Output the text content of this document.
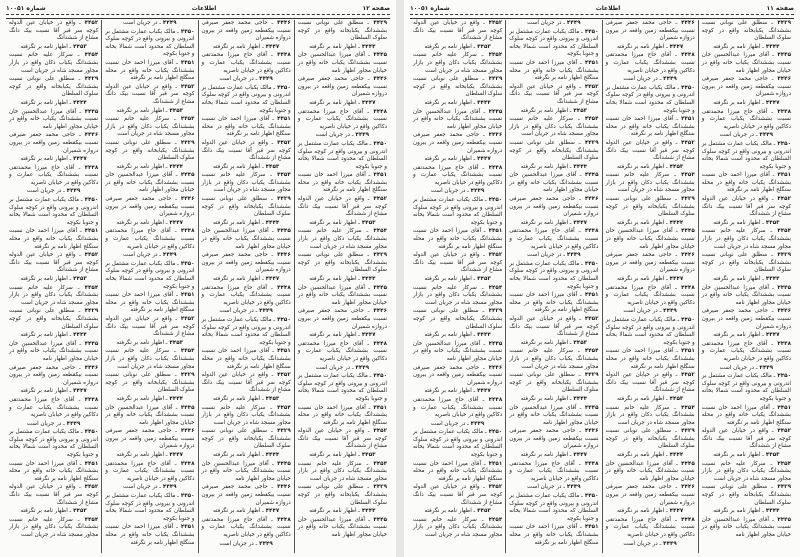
صفحه ۱۲
اطلاعات
شماره ۱۰۰۵۱

۴۴۲۹ ـ سطلق علی نوبانی نسبت بششدانگ یکبابخانه واقع در کوچه سلوک السلطان

۴۴۴۴ ـ اظهار نامه بر نگرفته

۴۴۴۵ ـ آقای میرزا عبدالحسین خان نسبت بششدانگ یکباب خانه واقع در خیابان مجاور اظهار نامه

۴۴۴۶ ـ حاجی محمد جعفر صیرفی نسبت بیکقطعه زمین واقعه در بیرون دروازه شمیران

۴۴۴۷ ـ اظهار نامه بر نگرفته

۴۴۴۸ ـ آقای حاج میرزا محمدتقی نسبت بششدانگ یکباب عمارت و دکاکین واقع در خیابان ناصریه

۴۴۴۹ ـ در جریان است

۴۴۵۰ ـ مالک یکباب عمارت مشتمل بر اندرونی و بیرونی واقع در کوچه سلوک السلطان که محدود است شمالا بخانه و جنوبا بکوچه

۴۴۵۱ ـ آقای میرزا احمد خان نسبت بششدانگ یکباب خانه واقع در محله سنگلج اظهار نامه بر نگرفته

۴۴۵۲ ـ واقع در خیابان عین الدوله کوچه سر قبر آقا نسبت بیک دانگ مشاع از ششدانگ

۴۴۵۳ ـ اظهار نامه بر نگرفته

۴۴۵۴ ـ سرکار علیه خانم نسبت بششدانگ یکباب دکان واقع در بازار مجاور مسجد شاه در جریان است

۴۴۲۹ ـ سطلق علی نوبانی نسبت بششدانگ یکبابخانه واقع در کوچه سلوک السلطان

۴۴۴۴ ـ اظهار نامه بر نگرفته

۴۴۴۵ ـ آقای میرزا عبدالحسین خان نسبت بششدانگ یکباب خانه واقع در خیابان مجاور اظهار نامه

۴۴۴۶ ـ حاجی محمد جعفر صیرفی نسبت بیکقطعه زمین واقعه در بیرون دروازه شمیران

۴۴۴۷ ـ اظهار نامه بر نگرفته

۴۴۴۸ ـ آقای حاج میرزا محمدتقی نسبت بششدانگ یکباب عمارت و دکاکین واقع در خیابان ناصریه

۴۴۴۹ ـ در جریان است

۴۴۵۰ ـ مالک یکباب عمارت مشتمل بر اندرونی و بیرونی واقع در کوچه سلوک السلطان که محدود است شمالا بخانه و جنوبا بکوچه

۴۴۵۱ ـ آقای میرزا احمد خان نسبت بششدانگ یکباب خانه واقع در محله سنگلج اظهار نامه بر نگرفته

۴۴۵۲ ـ واقع در خیابان عین الدوله کوچه سر قبر آقا نسبت بیک دانگ مشاع از ششدانگ

۴۴۵۳ ـ اظهار نامه بر نگرفته

۴۴۵۴ ـ سرکار علیه خانم نسبت بششدانگ یکباب دکان واقع در بازار مجاور مسجد شاه در جریان است

۴۴۲۹ ـ سطلق علی نوبانی نسبت بششدانگ یکبابخانه واقع در کوچه سلوک السلطان

۴۴۴۴ ـ اظهار نامه بر نگرفته

۴۴۴۵ ـ آقای میرزا عبدالحسین خان نسبت بششدانگ یکباب خانه واقع در خیابان مجاور اظهار نامه

۴۴۴۶ ـ حاجی محمد جعفر صیرفی نسبت بیکقطعه زمین واقعه در بیرون دروازه شمیران

۴۴۴۷ ـ اظهار نامه بر نگرفته

۴۴۴۸ ـ آقای حاج میرزا محمدتقی نسبت بششدانگ یکباب عمارت و دکاکین واقع در خیابان ناصریه

۴۴۴۹ ـ در جریان است

۴۴۵۰ ـ مالک یکباب عمارت مشتمل بر اندرونی و بیرونی واقع در کوچه سلوک السلطان که محدود است شمالا بخانه و جنوبا بکوچه

۴۴۵۱ ـ آقای میرزا احمد خان نسبت بششدانگ یکباب خانه واقع در محله سنگلج اظهار نامه بر نگرفته

۴۴۵۲ ـ واقع در خیابان عین الدوله کوچه سر قبر آقا نسبت بیک دانگ مشاع از ششدانگ

۴۴۵۳ ـ اظهار نامه بر نگرفته

۴۴۵۴ ـ سرکار علیه خانم نسبت بششدانگ یکباب دکان واقع در بازار مجاور مسجد شاه در جریان است

۴۴۲۹ ـ سطلق علی نوبانی نسبت بششدانگ یکبابخانه واقع در کوچه سلوک السلطان

۴۴۴۴ ـ اظهار نامه بر نگرفته

۴۴۴۵ ـ آقای میرزا عبدالحسین خان نسبت بششدانگ یکباب خانه واقع در خیابان مجاور اظهار نامه

۴۴۴۶ ـ حاجی محمد جعفر صیرفی نسبت بیکقطعه زمین واقعه در بیرون دروازه شمیران

۴۴۴۷ ـ اظهار نامه بر نگرفته

۴۴۴۸ ـ آقای حاج میرزا محمدتقی نسبت بششدانگ یکباب عمارت و دکاکین واقع در خیابان ناصریه

۴۴۴۹ ـ در جریان است

۴۴۵۰ ـ مالک یکباب عمارت مشتمل بر اندرونی و بیرونی واقع در کوچه سلوک السلطان که محدود است شمالا بخانه و جنوبا بکوچه

۴۴۵۱ ـ آقای میرزا احمد خان نسبت بششدانگ یکباب خانه واقع در محله سنگلج اظهار نامه بر نگرفته

۴۴۵۲ ـ واقع در خیابان عین الدوله کوچه سر قبر آقا نسبت بیک دانگ مشاع از ششدانگ

۴۴۵۳ ـ اظهار نامه بر نگرفته

۴۴۵۴ ـ سرکار علیه خانم نسبت بششدانگ یکباب دکان واقع در بازار مجاور مسجد شاه در جریان است

۴۴۲۹ ـ سطلق علی نوبانی نسبت بششدانگ یکبابخانه واقع در کوچه سلوک السلطان

۴۴۴۴ ـ اظهار نامه بر نگرفته

۴۴۴۵ ـ آقای میرزا عبدالحسین خان نسبت بششدانگ یکباب خانه واقع در خیابان مجاور اظهار نامه

۴۴۴۶ ـ حاجی محمد جعفر صیرفی نسبت بیکقطعه زمین واقعه در بیرون دروازه شمیران

۴۴۴۷ ـ اظهار نامه بر نگرفته

۴۴۴۸ ـ آقای حاج میرزا محمدتقی نسبت بششدانگ یکباب عمارت و دکاکین واقع در خیابان ناصریه

۴۴۴۹ ـ در جریان است

۴۴۴۹ ـ در جریان است

۴۴۵۰ ـ مالک یکباب عمارت مشتمل بر اندرونی و بیرونی واقع در کوچه سلوک السلطان که محدود است شمالا بخانه و جنوبا بکوچه

۴۴۵۱ ـ آقای میرزا احمد خان نسبت بششدانگ یکباب خانه واقع در محله سنگلج اظهار نامه بر نگرفته

۴۴۵۲ ـ واقع در خیابان عین الدوله کوچه سر قبر آقا نسبت بیک دانگ مشاع از ششدانگ

۴۴۵۳ ـ اظهار نامه بر نگرفته

۴۴۵۴ ـ سرکار علیه خانم نسبت بششدانگ یکباب دکان واقع در بازار مجاور مسجد شاه در جریان است

۴۴۲۹ ـ سطلق علی نوبانی نسبت بششدانگ یکبابخانه واقع در کوچه سلوک السلطان

۴۴۴۴ ـ اظهار نامه بر نگرفته

۴۴۴۵ ـ آقای میرزا عبدالحسین خان نسبت بششدانگ یکباب خانه واقع در خیابان مجاور اظهار نامه

۴۴۴۶ ـ حاجی محمد جعفر صیرفی نسبت بیکقطعه زمین واقعه در بیرون دروازه شمیران

۴۴۴۷ ـ اظهار نامه بر نگرفته

۴۴۴۸ ـ آقای حاج میرزا محمدتقی نسبت بششدانگ یکباب عمارت و دکاکین واقع در خیابان ناصریه

۴۴۴۹ ـ در جریان است

۴۴۵۰ ـ مالک یکباب عمارت مشتمل بر اندرونی و بیرونی واقع در کوچه سلوک السلطان که محدود است شمالا بخانه و جنوبا بکوچه

۴۴۵۱ ـ آقای میرزا احمد خان نسبت بششدانگ یکباب خانه واقع در محله سنگلج اظهار نامه بر نگرفته

۴۴۵۲ ـ واقع در خیابان عین الدوله کوچه سر قبر آقا نسبت بیک دانگ مشاع از ششدانگ

۴۴۵۳ ـ اظهار نامه بر نگرفته

۴۴۵۴ ـ سرکار علیه خانم نسبت بششدانگ یکباب دکان واقع در بازار مجاور مسجد شاه در جریان است

۴۴۲۹ ـ سطلق علی نوبانی نسبت بششدانگ یکبابخانه واقع در کوچه سلوک السلطان

۴۴۴۴ ـ اظهار نامه بر نگرفته

۴۴۴۵ ـ آقای میرزا عبدالحسین خان نسبت بششدانگ یکباب خانه واقع در خیابان مجاور اظهار نامه

۴۴۴۶ ـ حاجی محمد جعفر صیرفی نسبت بیکقطعه زمین واقعه در بیرون دروازه شمیران

۴۴۴۷ ـ اظهار نامه بر نگرفته

۴۴۴۸ ـ آقای حاج میرزا محمدتقی نسبت بششدانگ یکباب عمارت و دکاکین واقع در خیابان ناصریه

۴۴۴۹ ـ در جریان است

۴۴۵۰ ـ مالک یکباب عمارت مشتمل بر اندرونی و بیرونی واقع در کوچه سلوک السلطان که محدود است شمالا بخانه و جنوبا بکوچه

۴۴۵۱ ـ آقای میرزا احمد خان نسبت بششدانگ یکباب خانه واقع در محله سنگلج اظهار نامه بر نگرفته

۴۴۵۲ ـ واقع در خیابان عین الدوله کوچه سر قبر آقا نسبت بیک دانگ مشاع از ششدانگ

۴۴۵۳ ـ اظهار نامه بر نگرفته

۴۴۵۴ ـ سرکار علیه خانم نسبت بششدانگ یکباب دکان واقع در بازار مجاور مسجد شاه در جریان است

۴۴۲۹ ـ سطلق علی نوبانی نسبت بششدانگ یکبابخانه واقع در کوچه سلوک السلطان

۴۴۴۴ ـ اظهار نامه بر نگرفته

۴۴۴۵ ـ آقای میرزا عبدالحسین خان نسبت بششدانگ یکباب خانه واقع در خیابان مجاور اظهار نامه

۴۴۴۶ ـ حاجی محمد جعفر صیرفی نسبت بیکقطعه زمین واقعه در بیرون دروازه شمیران

۴۴۴۷ ـ اظهار نامه بر نگرفته

۴۴۴۸ ـ آقای حاج میرزا محمدتقی نسبت بششدانگ یکباب عمارت و دکاکین واقع در خیابان ناصریه

۴۴۴۹ ـ در جریان است

۴۴۵۰ ـ مالک یکباب عمارت مشتمل بر اندرونی و بیرونی واقع در کوچه سلوک السلطان که محدود است شمالا بخانه و جنوبا بکوچه

۴۴۵۱ ـ آقای میرزا احمد خان نسبت بششدانگ یکباب خانه واقع در محله سنگلج اظهار نامه بر نگرفته

۴۴۵۲ ـ واقع در خیابان عین الدوله کوچه سر قبر آقا نسبت بیک دانگ مشاع از ششدانگ

۴۴۵۳ ـ اظهار نامه بر نگرفته

۴۴۵۴ ـ سرکار علیه خانم نسبت بششدانگ یکباب دکان واقع در بازار مجاور مسجد شاه در جریان است

۴۴۲۹ ـ سطلق علی نوبانی نسبت بششدانگ یکبابخانه واقع در کوچه سلوک السلطان

۴۴۴۴ ـ اظهار نامه بر نگرفته

۴۴۴۵ ـ آقای میرزا عبدالحسین خان نسبت بششدانگ یکباب خانه واقع در خیابان مجاور اظهار نامه

۴۴۴۶ ـ حاجی محمد جعفر صیرفی نسبت بیکقطعه زمین واقعه در بیرون دروازه شمیران

۴۴۴۷ ـ اظهار نامه بر نگرفته

۴۴۴۸ ـ آقای حاج میرزا محمدتقی نسبت بششدانگ یکباب عمارت و دکاکین واقع در خیابان ناصریه

۴۴۴۹ ـ در جریان است

۴۴۵۰ ـ مالک یکباب عمارت مشتمل بر اندرونی و بیرونی واقع در کوچه سلوک السلطان که محدود است شمالا بخانه و جنوبا بکوچه

۴۴۵۱ ـ آقای میرزا احمد خان نسبت بششدانگ یکباب خانه واقع در محله سنگلج اظهار نامه بر نگرفته

۴۴۵۲ ـ واقع در خیابان عین الدوله کوچه سر قبر آقا نسبت بیک دانگ مشاع از ششدانگ

۴۴۵۳ ـ اظهار نامه بر نگرفته

۴۴۵۴ ـ سرکار علیه خانم نسبت بششدانگ یکباب دکان واقع در بازار مجاور مسجد شاه در جریان است

صفحه ۱۱
اطلاعات
شماره ۱۰۰۵۱

۴۴۲۹ ـ سطلق علی نوبانی نسبت بششدانگ یکبابخانه واقع در کوچه سلوک السلطان

۴۴۴۴ ـ اظهار نامه بر نگرفته

۴۴۴۵ ـ آقای میرزا عبدالحسین خان نسبت بششدانگ یکباب خانه واقع در خیابان مجاور اظهار نامه

۴۴۴۶ ـ حاجی محمد جعفر صیرفی نسبت بیکقطعه زمین واقعه در بیرون دروازه شمیران

۴۴۴۷ ـ اظهار نامه بر نگرفته

۴۴۴۸ ـ آقای حاج میرزا محمدتقی نسبت بششدانگ یکباب عمارت و دکاکین واقع در خیابان ناصریه

۴۴۴۹ ـ در جریان است

۴۴۵۰ ـ مالک یکباب عمارت مشتمل بر اندرونی و بیرونی واقع در کوچه سلوک السلطان که محدود است شمالا بخانه و جنوبا بکوچه

۴۴۵۱ ـ آقای میرزا احمد خان نسبت بششدانگ یکباب خانه واقع در محله سنگلج اظهار نامه بر نگرفته

۴۴۵۲ ـ واقع در خیابان عین الدوله کوچه سر قبر آقا نسبت بیک دانگ مشاع از ششدانگ

۴۴۵۳ ـ اظهار نامه بر نگرفته

۴۴۵۴ ـ سرکار علیه خانم نسبت بششدانگ یکباب دکان واقع در بازار مجاور مسجد شاه در جریان است

۴۴۲۹ ـ سطلق علی نوبانی نسبت بششدانگ یکبابخانه واقع در کوچه سلوک السلطان

۴۴۴۴ ـ اظهار نامه بر نگرفته

۴۴۴۵ ـ آقای میرزا عبدالحسین خان نسبت بششدانگ یکباب خانه واقع در خیابان مجاور اظهار نامه

۴۴۴۶ ـ حاجی محمد جعفر صیرفی نسبت بیکقطعه زمین واقعه در بیرون دروازه شمیران

۴۴۴۷ ـ اظهار نامه بر نگرفته

۴۴۴۸ ـ آقای حاج میرزا محمدتقی نسبت بششدانگ یکباب عمارت و دکاکین واقع در خیابان ناصریه

۴۴۴۹ ـ در جریان است

۴۴۵۰ ـ مالک یکباب عمارت مشتمل بر اندرونی و بیرونی واقع در کوچه سلوک السلطان که محدود است شمالا بخانه و جنوبا بکوچه

۴۴۵۱ ـ آقای میرزا احمد خان نسبت بششدانگ یکباب خانه واقع در محله سنگلج اظهار نامه بر نگرفته

۴۴۵۲ ـ واقع در خیابان عین الدوله کوچه سر قبر آقا نسبت بیک دانگ مشاع از ششدانگ

۴۴۵۳ ـ اظهار نامه بر نگرفته

۴۴۵۴ ـ سرکار علیه خانم نسبت بششدانگ یکباب دکان واقع در بازار مجاور مسجد شاه در جریان است

۴۴۲۹ ـ سطلق علی نوبانی نسبت بششدانگ یکبابخانه واقع در کوچه سلوک السلطان

۴۴۴۴ ـ اظهار نامه بر نگرفته

۴۴۴۵ ـ آقای میرزا عبدالحسین خان نسبت بششدانگ یکباب خانه واقع در خیابان مجاور اظهار نامه

۴۴۴۶ ـ حاجی محمد جعفر صیرفی نسبت بیکقطعه زمین واقعه در بیرون دروازه شمیران

۴۴۴۷ ـ اظهار نامه بر نگرفته

۴۴۴۸ ـ آقای حاج میرزا محمدتقی نسبت بششدانگ یکباب عمارت و دکاکین واقع در خیابان ناصریه

۴۴۴۹ ـ در جریان است

۴۴۵۰ ـ مالک یکباب عمارت مشتمل بر اندرونی و بیرونی واقع در کوچه سلوک السلطان که محدود است شمالا بخانه و جنوبا بکوچه

۴۴۵۱ ـ آقای میرزا احمد خان نسبت بششدانگ یکباب خانه واقع در محله سنگلج اظهار نامه بر نگرفته

۴۴۵۲ ـ واقع در خیابان عین الدوله کوچه سر قبر آقا نسبت بیک دانگ مشاع از ششدانگ

۴۴۵۳ ـ اظهار نامه بر نگرفته

۴۴۵۴ ـ سرکار علیه خانم نسبت بششدانگ یکباب دکان واقع در بازار مجاور مسجد شاه در جریان است

۴۴۲۹ ـ سطلق علی نوبانی نسبت بششدانگ یکبابخانه واقع در کوچه سلوک السلطان

۴۴۴۴ ـ اظهار نامه بر نگرفته

۴۴۴۵ ـ آقای میرزا عبدالحسین خان نسبت بششدانگ یکباب خانه واقع در خیابان مجاور اظهار نامه

۴۴۴۶ ـ حاجی محمد جعفر صیرفی نسبت بیکقطعه زمین واقعه در بیرون دروازه شمیران

۴۴۴۷ ـ اظهار نامه بر نگرفته

۴۴۴۸ ـ آقای حاج میرزا محمدتقی نسبت بششدانگ یکباب عمارت و دکاکین واقع در خیابان ناصریه

۴۴۴۹ ـ در جریان است

۴۴۵۰ ـ مالک یکباب عمارت مشتمل بر اندرونی و بیرونی واقع در کوچه سلوک السلطان که محدود است شمالا بخانه و جنوبا بکوچه

۴۴۵۱ ـ آقای میرزا احمد خان نسبت بششدانگ یکباب خانه واقع در محله سنگلج اظهار نامه بر نگرفته

۴۴۵۲ ـ واقع در خیابان عین الدوله کوچه سر قبر آقا نسبت بیک دانگ مشاع از ششدانگ

۴۴۵۳ ـ اظهار نامه بر نگرفته

۴۴۵۴ ـ سرکار علیه خانم نسبت بششدانگ یکباب دکان واقع در بازار مجاور مسجد شاه در جریان است

۴۴۲۹ ـ سطلق علی نوبانی نسبت بششدانگ یکبابخانه واقع در کوچه سلوک السلطان

۴۴۴۴ ـ اظهار نامه بر نگرفته

۴۴۴۵ ـ آقای میرزا عبدالحسین خان نسبت بششدانگ یکباب خانه واقع در خیابان مجاور اظهار نامه

۴۴۴۶ ـ حاجی محمد جعفر صیرفی نسبت بیکقطعه زمین واقعه در بیرون دروازه شمیران

۴۴۴۷ ـ اظهار نامه بر نگرفته

۴۴۴۸ ـ آقای حاج میرزا محمدتقی نسبت بششدانگ یکباب عمارت و دکاکین واقع در خیابان ناصریه

۴۴۴۹ ـ در جریان است

۴۴۴۹ ـ در جریان است

۴۴۵۰ ـ مالک یکباب عمارت مشتمل بر اندرونی و بیرونی واقع در کوچه سلوک السلطان که محدود است شمالا بخانه و جنوبا بکوچه

۴۴۵۱ ـ آقای میرزا احمد خان نسبت بششدانگ یکباب خانه واقع در محله سنگلج اظهار نامه بر نگرفته

۴۴۵۲ ـ واقع در خیابان عین الدوله کوچه سر قبر آقا نسبت بیک دانگ مشاع از ششدانگ

۴۴۵۳ ـ اظهار نامه بر نگرفته

۴۴۵۴ ـ سرکار علیه خانم نسبت بششدانگ یکباب دکان واقع در بازار مجاور مسجد شاه در جریان است

۴۴۲۹ ـ سطلق علی نوبانی نسبت بششدانگ یکبابخانه واقع در کوچه سلوک السلطان

۴۴۴۴ ـ اظهار نامه بر نگرفته

۴۴۴۵ ـ آقای میرزا عبدالحسین خان نسبت بششدانگ یکباب خانه واقع در خیابان مجاور اظهار نامه

۴۴۴۶ ـ حاجی محمد جعفر صیرفی نسبت بیکقطعه زمین واقعه در بیرون دروازه شمیران

۴۴۴۷ ـ اظهار نامه بر نگرفته

۴۴۴۸ ـ آقای حاج میرزا محمدتقی نسبت بششدانگ یکباب عمارت و دکاکین واقع در خیابان ناصریه

۴۴۴۹ ـ در جریان است

۴۴۵۰ ـ مالک یکباب عمارت مشتمل بر اندرونی و بیرونی واقع در کوچه سلوک السلطان که محدود است شمالا بخانه و جنوبا بکوچه

۴۴۵۱ ـ آقای میرزا احمد خان نسبت بششدانگ یکباب خانه واقع در محله سنگلج اظهار نامه بر نگرفته

۴۴۵۲ ـ واقع در خیابان عین الدوله کوچه سر قبر آقا نسبت بیک دانگ مشاع از ششدانگ

۴۴۵۳ ـ اظهار نامه بر نگرفته

۴۴۵۴ ـ سرکار علیه خانم نسبت بششدانگ یکباب دکان واقع در بازار مجاور مسجد شاه در جریان است

۴۴۲۹ ـ سطلق علی نوبانی نسبت بششدانگ یکبابخانه واقع در کوچه سلوک السلطان

۴۴۴۴ ـ اظهار نامه بر نگرفته

۴۴۴۵ ـ آقای میرزا عبدالحسین خان نسبت بششدانگ یکباب خانه واقع در خیابان مجاور اظهار نامه

۴۴۴۶ ـ حاجی محمد جعفر صیرفی نسبت بیکقطعه زمین واقعه در بیرون دروازه شمیران

۴۴۴۷ ـ اظهار نامه بر نگرفته

۴۴۴۸ ـ آقای حاج میرزا محمدتقی نسبت بششدانگ یکباب عمارت و دکاکین واقع در خیابان ناصریه

۴۴۴۹ ـ در جریان است

۴۴۵۰ ـ مالک یکباب عمارت مشتمل بر اندرونی و بیرونی واقع در کوچه سلوک السلطان که محدود است شمالا بخانه و جنوبا بکوچه

۴۴۵۱ ـ آقای میرزا احمد خان نسبت بششدانگ یکباب خانه واقع در محله سنگلج اظهار نامه بر نگرفته

۴۴۵۲ ـ واقع در خیابان عین الدوله کوچه سر قبر آقا نسبت بیک دانگ مشاع از ششدانگ

۴۴۵۳ ـ اظهار نامه بر نگرفته

۴۴۵۴ ـ سرکار علیه خانم نسبت بششدانگ یکباب دکان واقع در بازار مجاور مسجد شاه در جریان است

۴۴۲۹ ـ سطلق علی نوبانی نسبت بششدانگ یکبابخانه واقع در کوچه سلوک السلطان

۴۴۴۴ ـ اظهار نامه بر نگرفته

۴۴۴۵ ـ آقای میرزا عبدالحسین خان نسبت بششدانگ یکباب خانه واقع در خیابان مجاور اظهار نامه

۴۴۴۶ ـ حاجی محمد جعفر صیرفی نسبت بیکقطعه زمین واقعه در بیرون دروازه شمیران

۴۴۴۷ ـ اظهار نامه بر نگرفته

۴۴۴۸ ـ آقای حاج میرزا محمدتقی نسبت بششدانگ یکباب عمارت و دکاکین واقع در خیابان ناصریه

۴۴۴۹ ـ در جریان است

۴۴۵۰ ـ مالک یکباب عمارت مشتمل بر اندرونی و بیرونی واقع در کوچه سلوک السلطان که محدود است شمالا بخانه و جنوبا بکوچه

۴۴۵۱ ـ آقای میرزا احمد خان نسبت بششدانگ یکباب خانه واقع در محله سنگلج اظهار نامه بر نگرفته

۴۴۵۲ ـ واقع در خیابان عین الدوله کوچه سر قبر آقا نسبت بیک دانگ مشاع از ششدانگ

۴۴۵۳ ـ اظهار نامه بر نگرفته

۴۴۵۴ ـ سرکار علیه خانم نسبت بششدانگ یکباب دکان واقع در بازار مجاور مسجد شاه در جریان است

۴۴۲۹ ـ سطلق علی نوبانی نسبت بششدانگ یکبابخانه واقع در کوچه سلوک السلطان

۴۴۴۴ ـ اظهار نامه بر نگرفته

۴۴۴۵ ـ آقای میرزا عبدالحسین خان نسبت بششدانگ یکباب خانه واقع در خیابان مجاور اظهار نامه

۴۴۴۶ ـ حاجی محمد جعفر صیرفی نسبت بیکقطعه زمین واقعه در بیرون دروازه شمیران

۴۴۴۷ ـ اظهار نامه بر نگرفته

۴۴۴۸ ـ آقای حاج میرزا محمدتقی نسبت بششدانگ یکباب عمارت و دکاکین واقع در خیابان ناصریه

۴۴۴۹ ـ در جریان است

۴۴۵۰ ـ مالک یکباب عمارت مشتمل بر اندرونی و بیرونی واقع در کوچه سلوک السلطان که محدود است شمالا بخانه و جنوبا بکوچه

۴۴۵۱ ـ آقای میرزا احمد خان نسبت بششدانگ یکباب خانه واقع در محله سنگلج اظهار نامه بر نگرفته

۴۴۵۲ ـ واقع در خیابان عین الدوله کوچه سر قبر آقا نسبت بیک دانگ مشاع از ششدانگ

۴۴۵۳ ـ اظهار نامه بر نگرفته

۴۴۵۴ ـ سرکار علیه خانم نسبت بششدانگ یکباب دکان واقع در بازار مجاور مسجد شاه در جریان است
